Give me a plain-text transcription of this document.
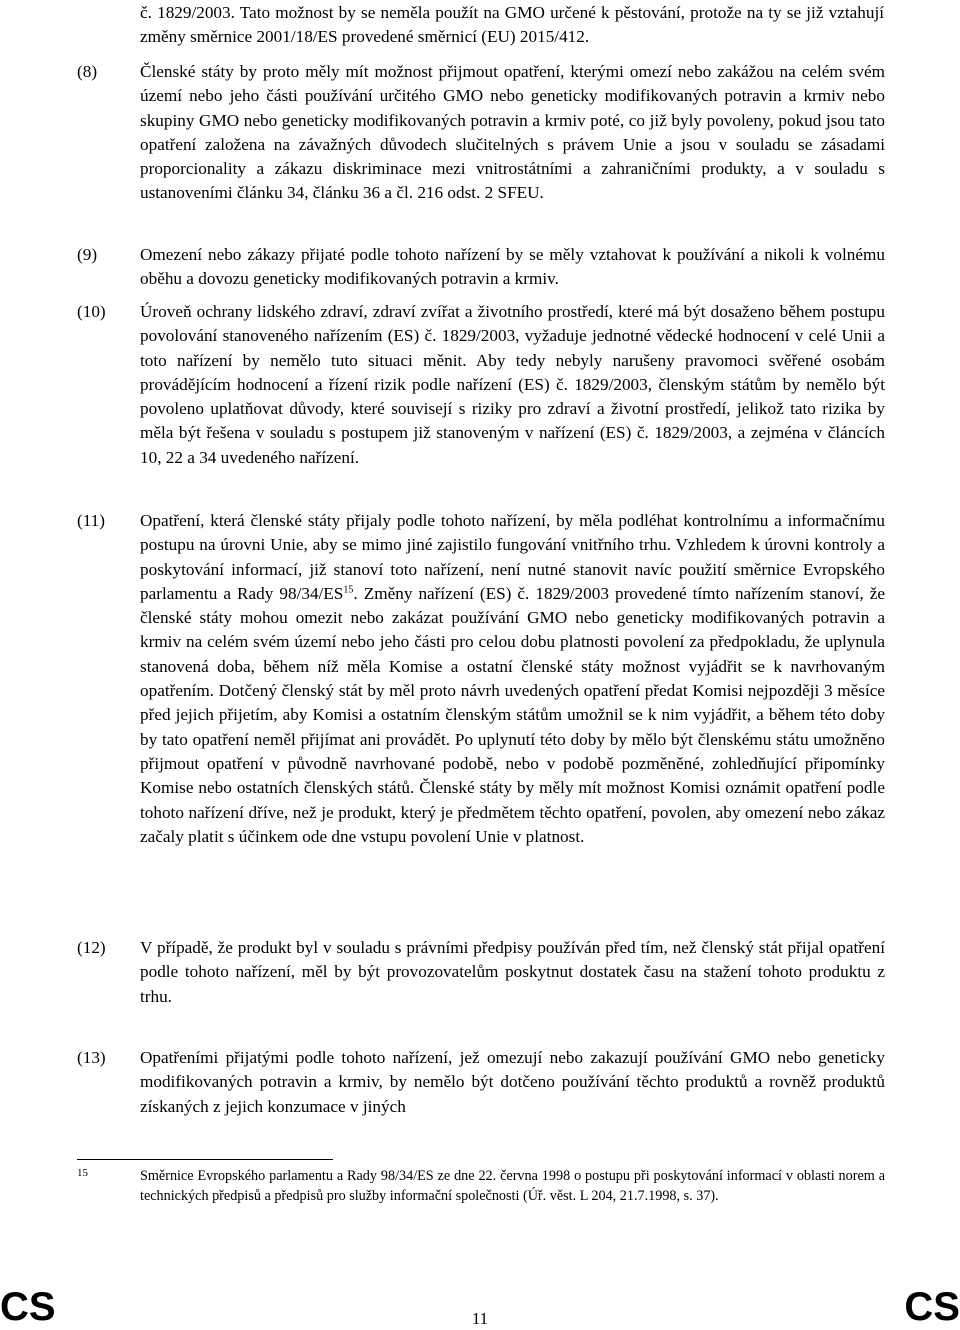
č. 1829/2003. Tato možnost by se neměla použít na GMO určené k pěstování, protože na ty se již vztahují změny směrnice 2001/18/ES provedené směrnicí (EU) 2015/412.
(8)	Členské státy by proto měly mít možnost přijmout opatření, kterými omezí nebo zakážou na celém svém území nebo jeho části používání určitého GMO nebo geneticky modifikovaných potravin a krmiv nebo skupiny GMO nebo geneticky modifikovaných potravin a krmiv poté, co již byly povoleny, pokud jsou tato opatření založena na závažných důvodech slučitelných s právem Unie a jsou v souladu se zásadami proporcionality a zákazu diskriminace mezi vnitrostátními a zahraničními produkty, a v souladu s ustanoveními článku 34, článku 36 a čl. 216 odst. 2 SFEU.
(9)	Omezení nebo zákazy přijaté podle tohoto nařízení by se měly vztahovat k používání a nikoli k volnému oběhu a dovozu geneticky modifikovaných potravin a krmiv.
(10)	Úroveň ochrany lidského zdraví, zdraví zvířat a životního prostředí, které má být dosaženo během postupu povolování stanoveného nařízením (ES) č. 1829/2003, vyžaduje jednotné vědecké hodnocení v celé Unii a toto nařízení by nemělo tuto situaci měnit. Aby tedy nebyly narušeny pravomoci svěřené osobám provádějícím hodnocení a řízení rizik podle nařízení (ES) č. 1829/2003, členským státům by nemělo být povoleno uplatňovat důvody, které souvisejí s riziky pro zdraví a životní prostředí, jelikož tato rizika by měla být řešena v souladu s postupem již stanoveným v nařízení (ES) č. 1829/2003, a zejména v článcích 10, 22 a 34 uvedeného nařízení.
(11)	Opatření, která členské státy přijaly podle tohoto nařízení, by měla podléhat kontrolnímu a informačnímu postupu na úrovni Unie, aby se mimo jiné zajistilo fungování vnitřního trhu. Vzhledem k úrovni kontroly a poskytování informací, již stanoví toto nařízení, není nutné stanovit navíc použití směrnice Evropského parlamentu a Rady 98/34/ES$^{15}$. Změny nařízení (ES) č. 1829/2003 provedené tímto nařízením stanoví, že členské státy mohou omezit nebo zakázat používání GMO nebo geneticky modifikovaných potravin a krmiv na celém svém území nebo jeho části pro celou dobu platnosti povolení za předpokladu, že uplynula stanovená doba, během níž měla Komise a ostatní členské státy možnost vyjádřit se k navrhovaným opatřením. Dotčený členský stát by měl proto návrh uvedených opatření předat Komisi nejpozději 3 měsíce před jejich přijetím, aby Komisi a ostatním členským státům umožnil se k nim vyjádřit, a během této doby by tato opatření neměl přijímat ani provádět. Po uplynutí této doby by mělo být členskému státu umožněno přijmout opatření v původně navrhované podobě, nebo v podobě pozměněné, zohledňující připomínky Komise nebo ostatních členských států. Členské státy by měly mít možnost Komisi oznámit opatření podle tohoto nařízení dříve, než je produkt, který je předmětem těchto opatření, povolen, aby omezení nebo zákaz začaly platit s účinkem ode dne vstupu povolení Unie v platnost.
(12)	V případě, že produkt byl v souladu s právními předpisy používán před tím, než členský stát přijal opatření podle tohoto nařízení, měl by být provozovatelům poskytnut dostatek času na stažení tohoto produktu z trhu.
(13)	Opatřeními přijatými podle tohoto nařízení, jež omezují nebo zakazují používání GMO nebo geneticky modifikovaných potravin a krmiv, by nemělo být dotčeno používání těchto produktů a rovněž produktů získaných z jejich konzumace v jiných
15	Směrnice Evropského parlamentu a Rady 98/34/ES ze dne 22. června 1998 o postupu při poskytování informací v oblasti norem a technických předpisů a předpisů pro služby informační společnosti (Úř. věst. L 204, 21.7.1998, s. 37).
CS	11	CS
